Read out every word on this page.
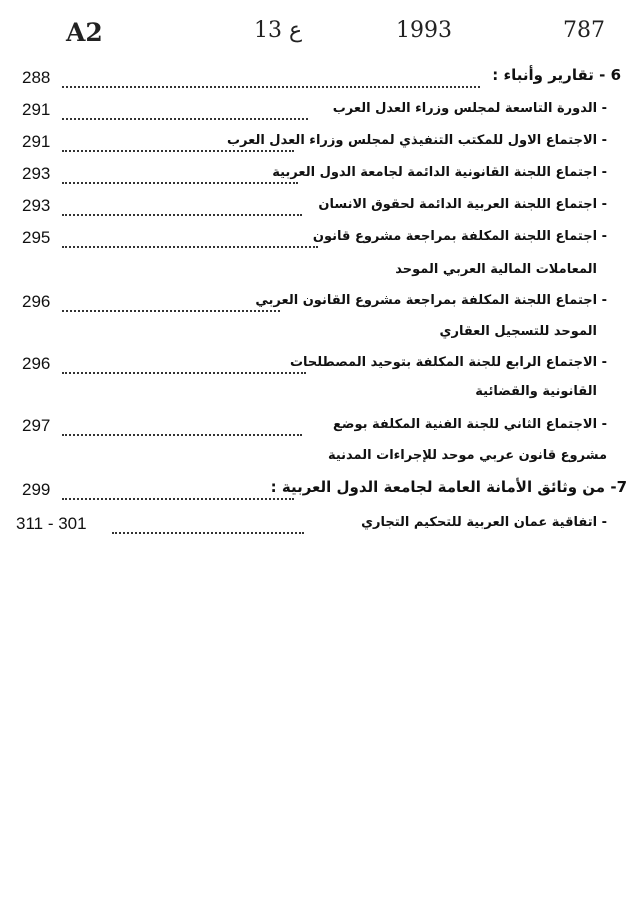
A2	13 ع	1993	787
288	6 - تقارير وأنباء :
291	- الدورة التاسعة لمجلس وزراء العدل العرب
291	- الاجتماع الاول للمكتب التنفيذي لمجلس وزراء العدل العرب
293	- اجتماع اللجنة القانونية الدائمة لجامعة الدول العربية
293	- اجتماع اللجنة العربية الدائمة لحقوق الانسان
295	- اجتماع اللجنة المكلفة بمراجعة مشروع قانون
المعاملات المالية العربي الموحد
296	- اجتماع اللجنة المكلفة بمراجعة مشروع القانون العربي
الموحد للتسجيل العقاري
296	- الاجتماع الرابع للجنة المكلفة بتوحيد المصطلحات
القانونية والقضائية
297	- الاجتماع الثاني للجنة الفنية المكلفة بوضع
مشروع قانون عربي موحد للإجراءات المدنية
299	7- من وثائق الأمانة العامة لجامعة الدول العربية :
311 - 301	- اتفاقية عمان العربية للتحكيم التجاري
